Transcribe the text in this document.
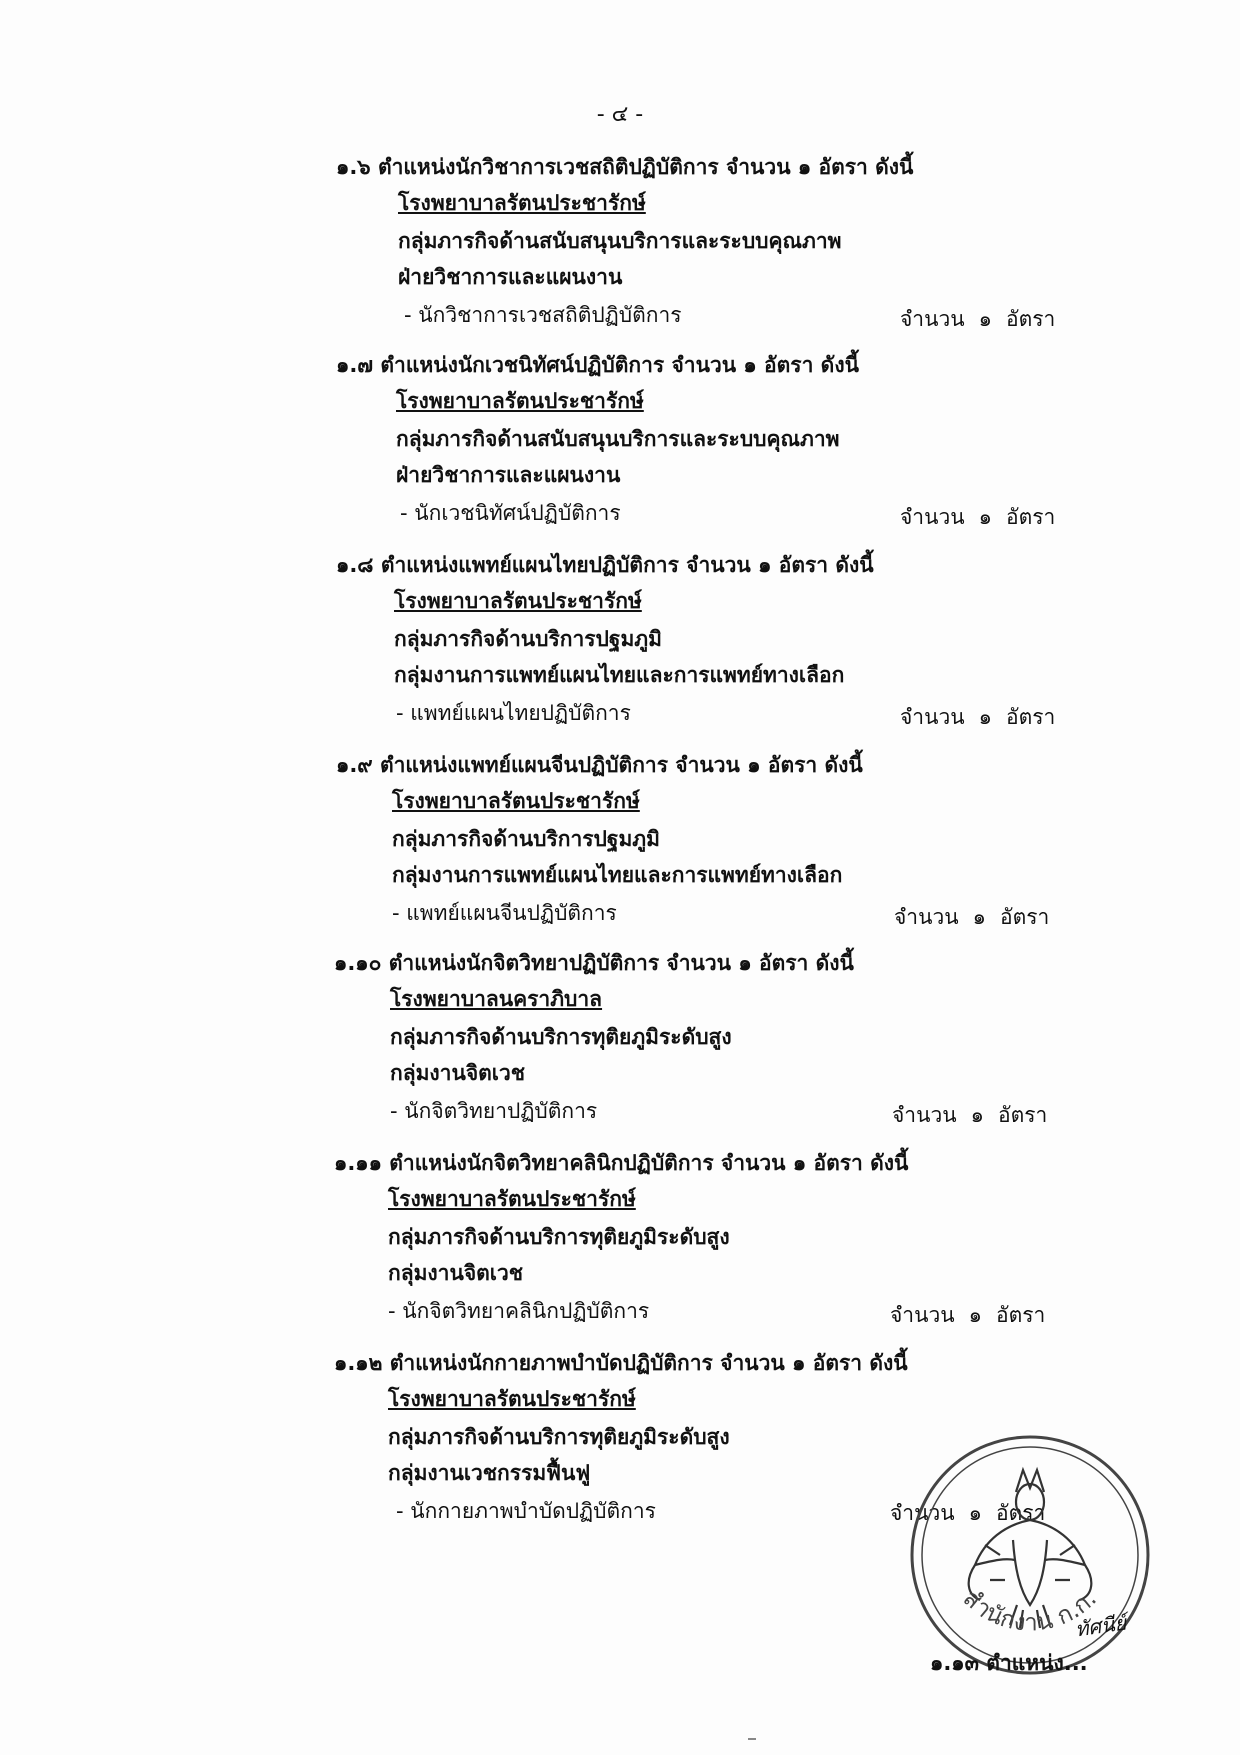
- ๔ -
๑.๖ ตำแหน่งนักวิชาการเวชสถิติปฏิบัติการ จำนวน ๑ อัตรา ดังนี้
โรงพยาบาลรัตนประชารักษ์
กลุ่มภารกิจด้านสนับสนุนบริการและระบบคุณภาพ
ฝ่ายวิชาการและแผนงาน
- นักวิชาการเวชสถิติปฏิบัติการ	จำนวน ๑ อัตรา
๑.๗ ตำแหน่งนักเวชนิทัศน์ปฏิบัติการ จำนวน ๑ อัตรา ดังนี้
โรงพยาบาลรัตนประชารักษ์
กลุ่มภารกิจด้านสนับสนุนบริการและระบบคุณภาพ
ฝ่ายวิชาการและแผนงาน
- นักเวชนิทัศน์ปฏิบัติการ	จำนวน ๑ อัตรา
๑.๘ ตำแหน่งแพทย์แผนไทยปฏิบัติการ จำนวน ๑ อัตรา ดังนี้
โรงพยาบาลรัตนประชารักษ์
กลุ่มภารกิจด้านบริการปฐมภูมิ
กลุ่มงานการแพทย์แผนไทยและการแพทย์ทางเลือก
- แพทย์แผนไทยปฏิบัติการ	จำนวน ๑ อัตรา
๑.๙ ตำแหน่งแพทย์แผนจีนปฏิบัติการ จำนวน ๑ อัตรา ดังนี้
โรงพยาบาลรัตนประชารักษ์
กลุ่มภารกิจด้านบริการปฐมภูมิ
กลุ่มงานการแพทย์แผนไทยและการแพทย์ทางเลือก
- แพทย์แผนจีนปฏิบัติการ	จำนวน ๑ อัตรา
๑.๑๐ ตำแหน่งนักจิตวิทยาปฏิบัติการ จำนวน ๑ อัตรา ดังนี้
โรงพยาบาลนคราภิบาล
กลุ่มภารกิจด้านบริการทุติยภูมิระดับสูง
กลุ่มงานจิตเวช
- นักจิตวิทยาปฏิบัติการ	จำนวน ๑ อัตรา
๑.๑๑ ตำแหน่งนักจิตวิทยาคลินิกปฏิบัติการ จำนวน ๑ อัตรา ดังนี้
โรงพยาบาลรัตนประชารักษ์
กลุ่มภารกิจด้านบริการทุติยภูมิระดับสูง
กลุ่มงานจิตเวช
- นักจิตวิทยาคลินิกปฏิบัติการ	จำนวน ๑ อัตรา
๑.๑๒ ตำแหน่งนักกายภาพบำบัดปฏิบัติการ จำนวน ๑ อัตรา ดังนี้
โรงพยาบาลรัตนประชารักษ์
กลุ่มภารกิจด้านบริการทุติยภูมิระดับสูง
กลุ่มงานเวชกรรมฟื้นฟู
- นักกายภาพบำบัดปฏิบัติการ	จำนวน ๑ อัตรา
สำนักงาน ก.ก.
ทัศนีย์
๑.๑๓ ตำแหน่ง...
